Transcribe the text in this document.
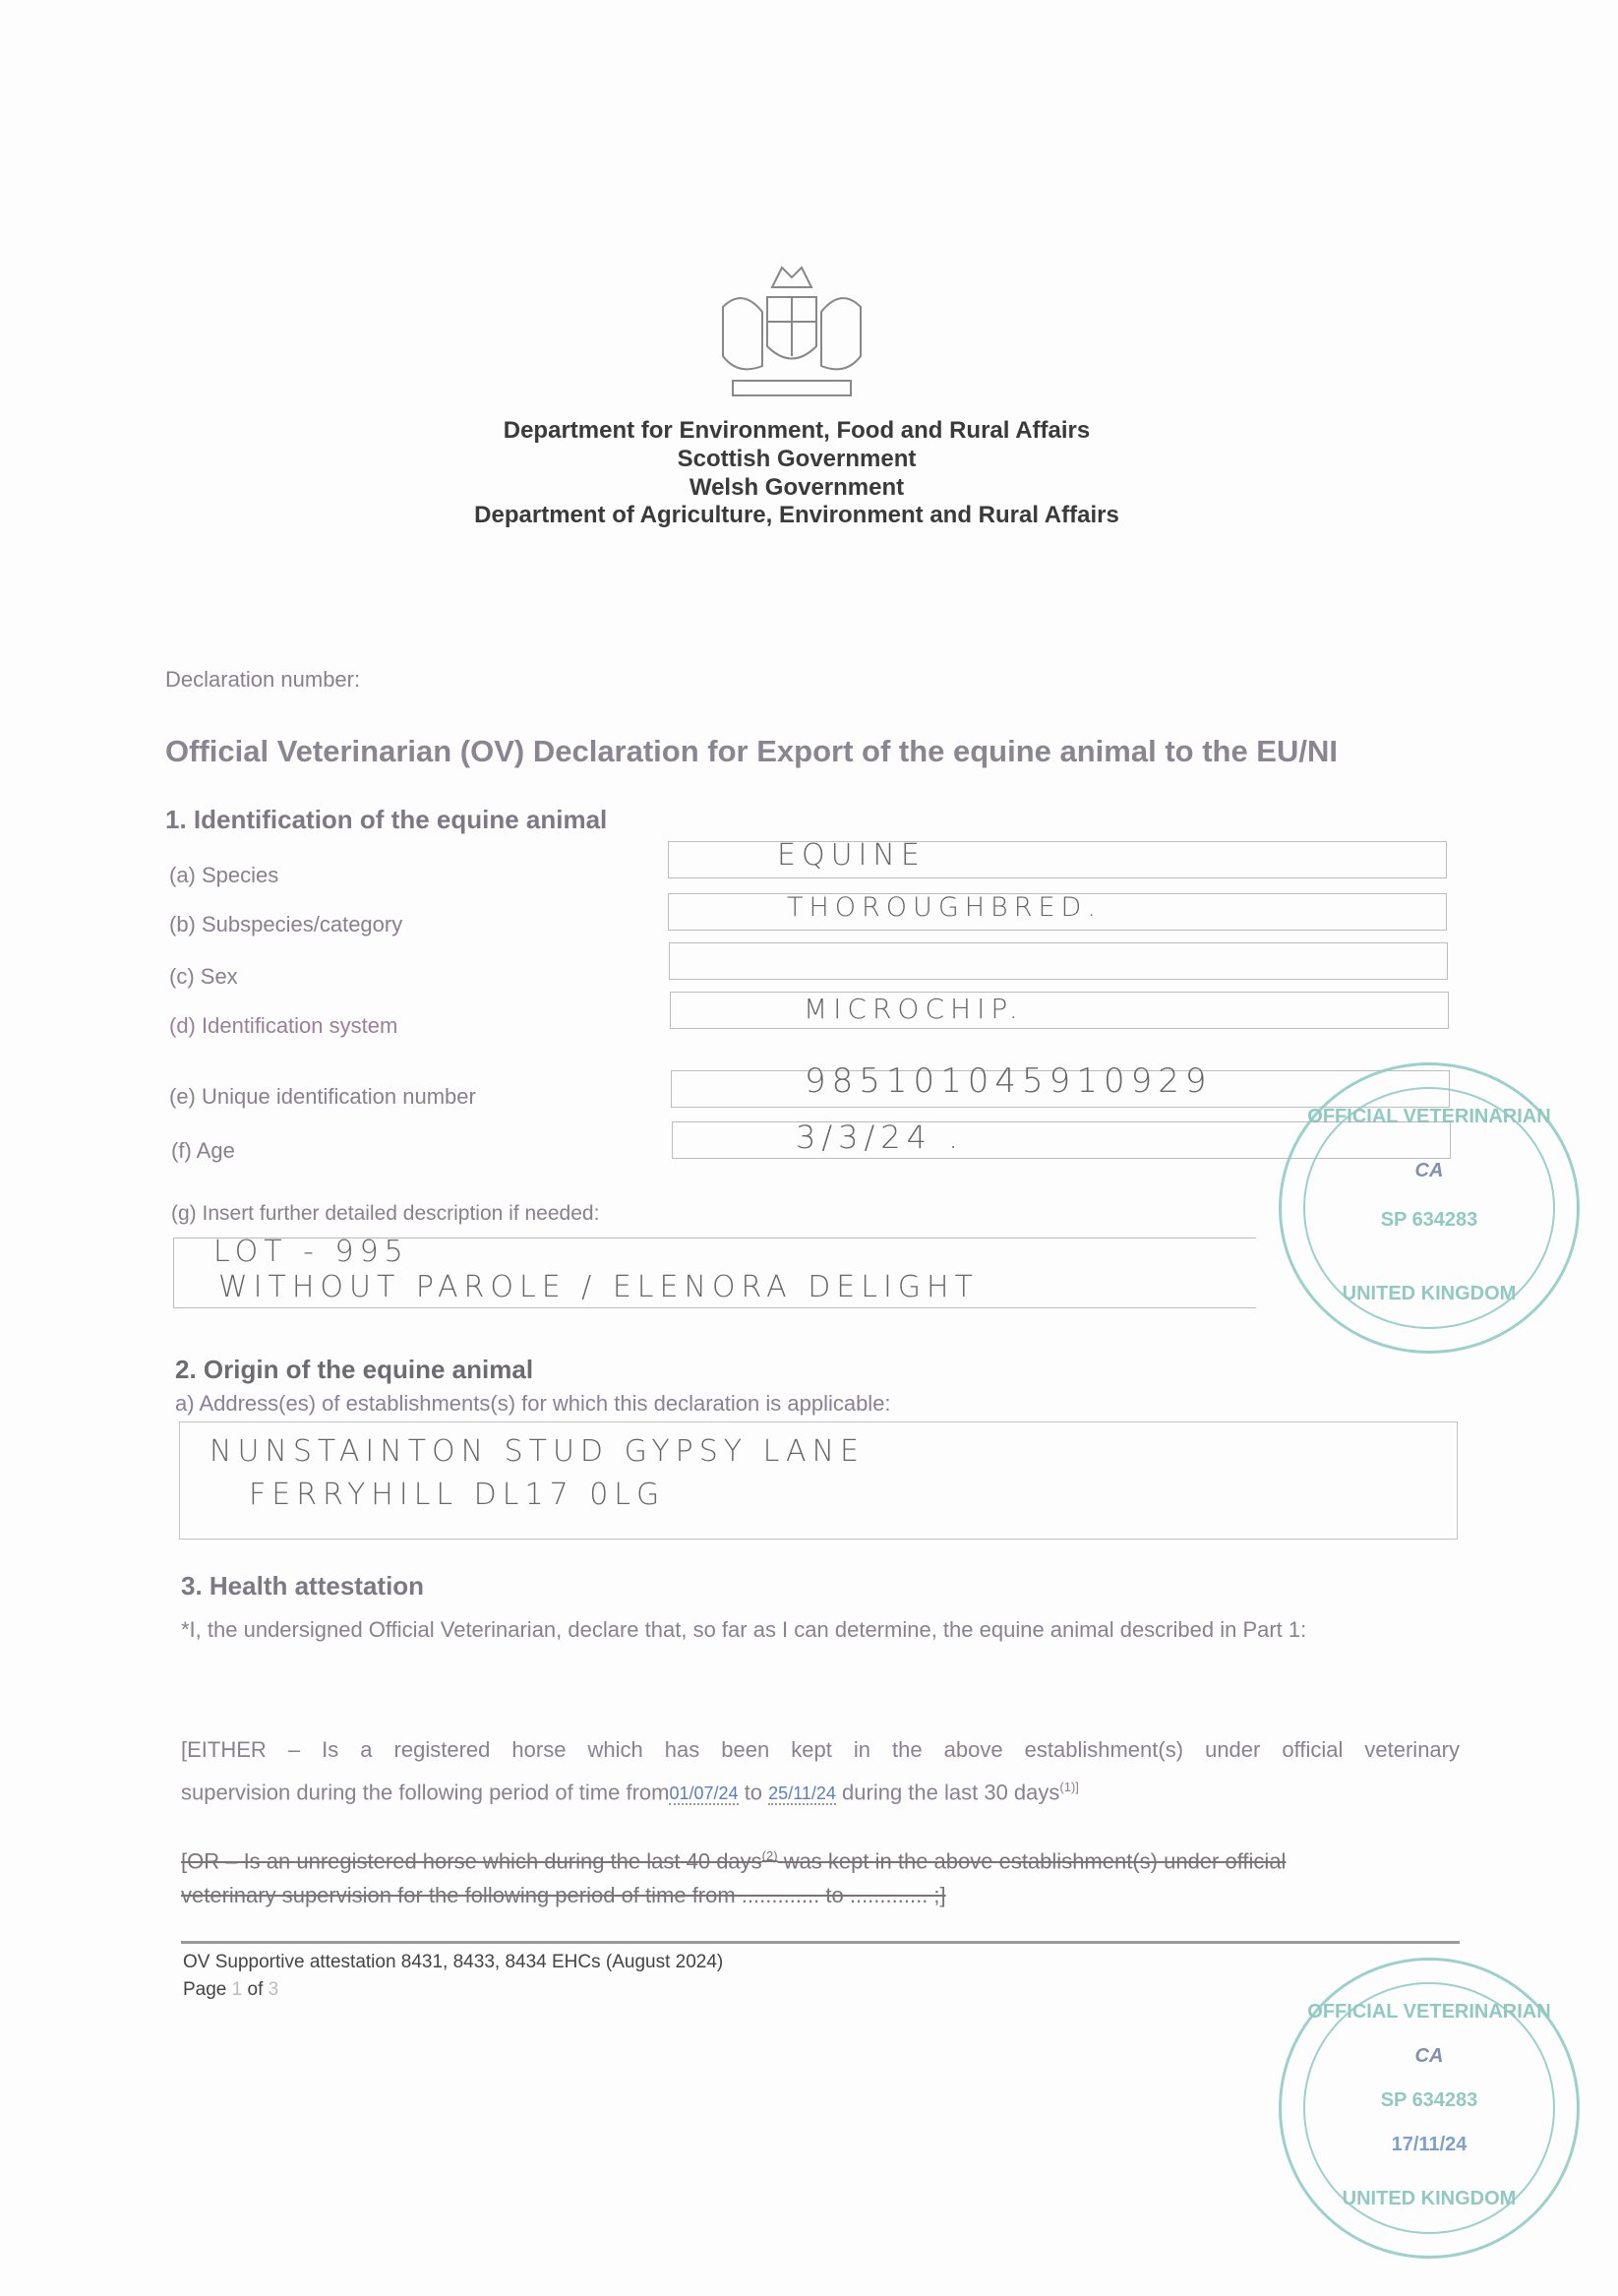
Department for Environment, Food and Rural Affairs
Scottish Government
Welsh Government
Department of Agriculture, Environment and Rural Affairs
Declaration number:
Official Veterinarian (OV) Declaration for Export of the equine animal to the EU/NI
1. Identification of the equine animal
(a) Species
EQUINE
(b) Subspecies/category
THOROUGHBRED.
(c) Sex
(d) Identification system
MICROCHIP.
(e) Unique identification number	985101045910929
(f) Age	3/3/24 .
(g) Insert further detailed description if needed:
LOT - 995
WITHOUT PAROLE / ELENORA DELIGHT
2. Origin of the equine animal
a) Address(es) of establishments(s) for which this declaration is applicable:
NUNSTAINTON STUD GYPSY LANE
FERRYHILL DL17 0LG
3. Health attestation
*I, the undersigned Official Veterinarian, declare that, so far as I can determine, the equine animal described in Part 1:
[EITHER – Is a registered horse which has been kept in the above establishment(s) under official veterinary
supervision during the following period of time from01/07/24 to 25/11/24 during the last 30 days$^{(1)]}$
[OR – Is an unregistered horse which during the last 40 days$^{(2)}$ was kept in the above establishment(s) under official
veterinary supervision for the following period of time from ............. to ............. ;]
OV Supportive attestation 8431, 8433, 8434 EHCs (August 2024)
Page 1 of 3
OFFICIAL VETERINARIAN
CA
SP 634283
UNITED KINGDOM
OFFICIAL VETERINARIAN
CA
SP 634283
17/11/24
UNITED KINGDOM
